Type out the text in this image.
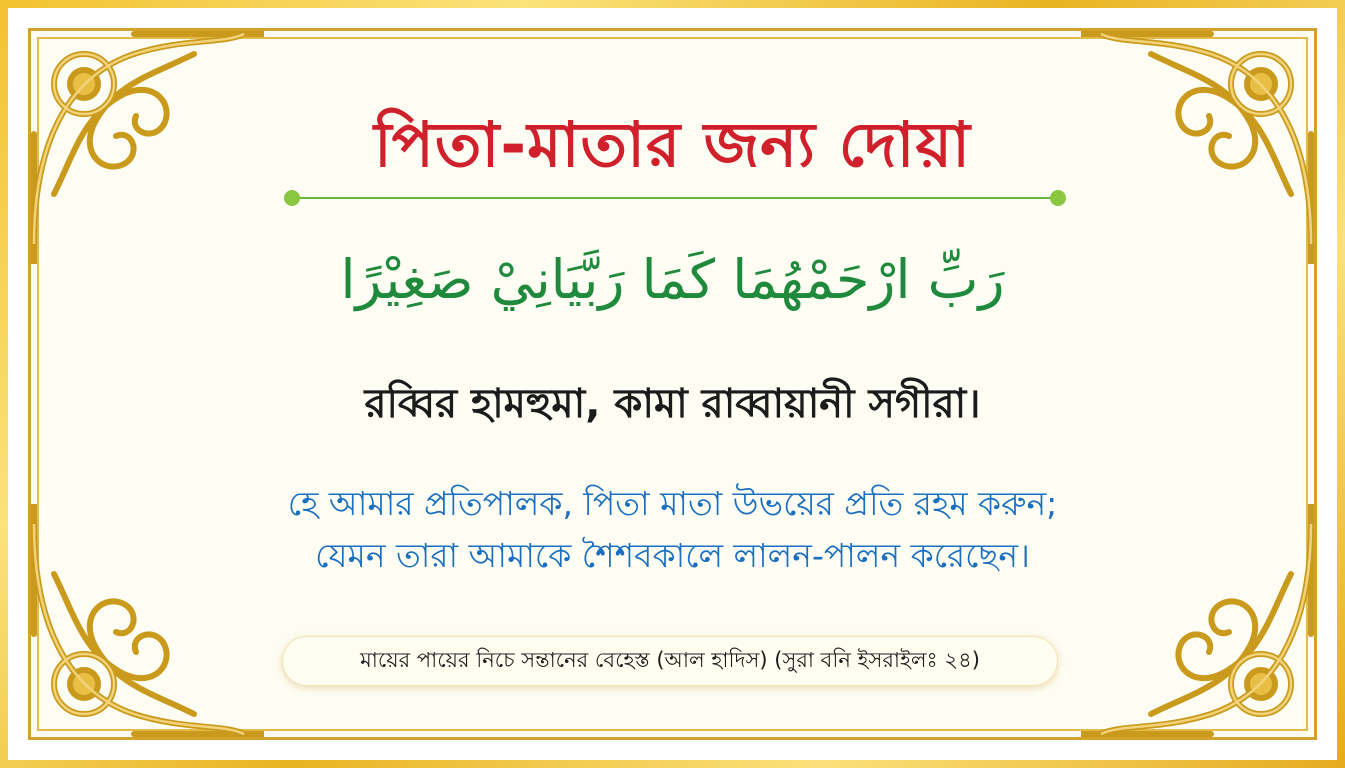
পিতা-মাতার জন্য দোয়া
رَبِّ ارْحَمْهُمَا كَمَا رَبَّيَانِيْ صَغِيْرًا
রব্বির হামহুমা, কামা রাব্বায়ানী সগীরা।
হে আমার প্রতিপালক, পিতা মাতা উভয়ের প্রতি রহম করুন;
যেমন তারা আমাকে শৈশবকালে লালন-পালন করেছেন।
মায়ের পায়ের নিচে সন্তানের বেহেস্ত (আল হাদিস) (সুরা বনি ইসরাইলঃ ২৪)
